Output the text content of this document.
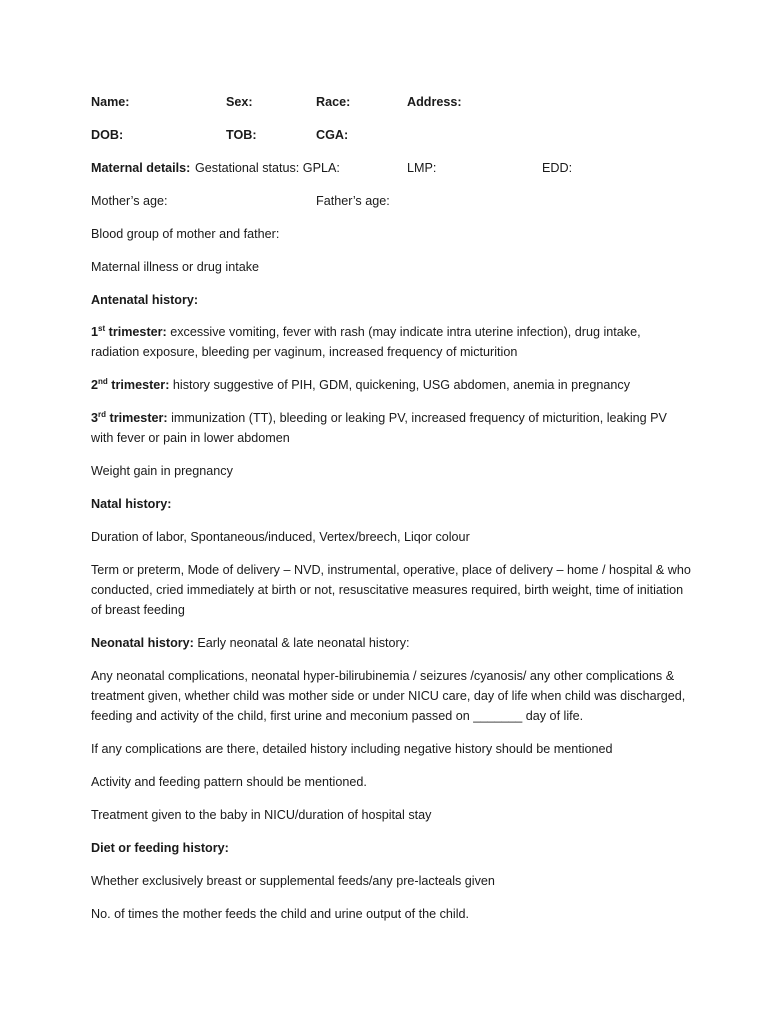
Name:	Sex:	Race:	Address:
DOB:	TOB:	CGA:
Maternal details: Gestational status: GPLA:	LMP:	EDD:
Mother’s age:	Father’s age:
Blood group of mother and father:
Maternal illness or drug intake
Antenatal history:

1st trimester: excessive vomiting, fever with rash (may indicate intra uterine infection), drug intake, radiation exposure, bleeding per vaginum, increased frequency of micturition

2nd trimester: history suggestive of PIH, GDM, quickening, USG abdomen, anemia in pregnancy

3rd trimester: immunization (TT), bleeding or leaking PV, increased frequency of micturition, leaking PV with fever or pain in lower abdomen

Weight gain in pregnancy

Natal history:

Duration of labor, Spontaneous/induced, Vertex/breech, Liqor colour

Term or preterm, Mode of delivery – NVD, instrumental, operative, place of delivery – home / hospital & who conducted, cried immediately at birth or not, resuscitative measures required, birth weight, time of initiation of breast feeding

Neonatal history: Early neonatal & late neonatal history:

Any neonatal complications, neonatal hyper-bilirubinemia / seizures /cyanosis/ any other complications & treatment given, whether child was mother side or under NICU care, day of life when child was discharged, feeding and activity of the child, first urine and meconium passed on _______ day of life.

If any complications are there, detailed history including negative history should be mentioned

Activity and feeding pattern should be mentioned.

Treatment given to the baby in NICU/duration of hospital stay

Diet or feeding history:

Whether exclusively breast or supplemental feeds/any pre-lacteals given

No. of times the mother feeds the child and urine output of the child.
